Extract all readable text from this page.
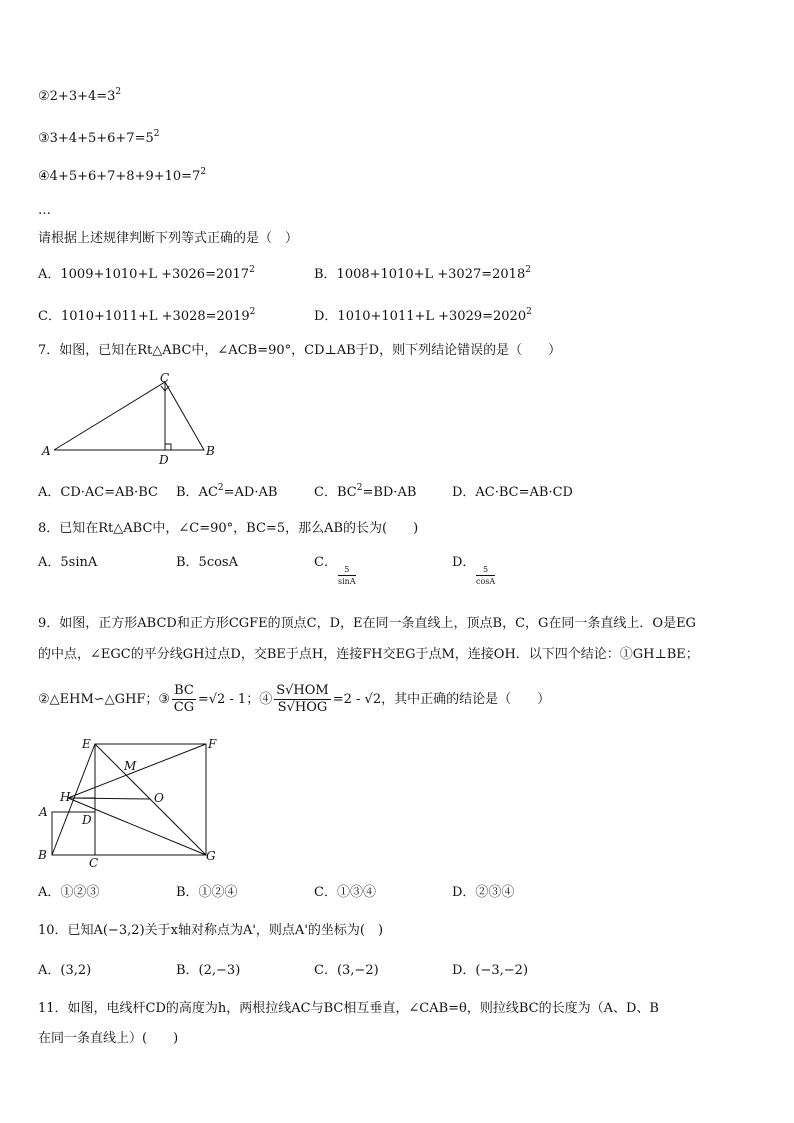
$②2+3+4=3^2$
$③3+4+5+6+7=5^2$
$④4+5+6+7+8+9+10=7^2$
…
请根据上述规律判断下列等式正确的是（　）
A．$1009+1010+L +3026=2017^2$	B．$1008+1010+L +3027=2018^2$
C．$1010+1011+L +3028=2019^2$	D．$1010+1011+L +3029=2020^2$
7．如图，已知在Rt△ABC中，∠ACB=90°，CD⊥AB于D，则下列结论错误的是（　　）
A
C
B
D
A．CD·AC=AB·BC B．$AC^2=AD\cdot AB$	C．$BC^2=BD\cdot AB$	D．AC·BC=AB·CD
8．已知在Rt△ABC中，∠C=90°，BC=5，那么AB的长为(　　)
A．5sinA	B．5cosA	C．
$\frac{5}{\sin A}$
D．
$\frac{5}{\cos A}$
9．如图，正方形ABCD和正方形CGFE的顶点C，D，E在同一条直线上，顶点B，C，G在同一条直线上．O是EG
的中点，∠EGC的平分线GH过点D，交BE于点H，连接FH交EG于点M，连接OH．以下四个结论：①GH⊥BE；
②△EHM∽△GHF；③ $\frac{BC}{CG} =√2 - 1$；④ $\frac{\text{S√HOM}}{\text{S√HOG}} =2 - √2$，其中正确的结论是（　　）
E	F
M
H	O
A
D
B
C	G
A．①②③	B．①②④	C．①③④	D．②③④
10．已知A(−3,2)关于x轴对称点为A'，则点A'的坐标为(　)
A．(3,2)	B．(2,−3)	C．(3,−2)	D．(−3,−2)
11．如图，电线杆CD的高度为h，两根拉线AC与BC相互垂直，∠CAB=θ，则拉线BC的长度为（A、D、B
在同一条直线上）(　　)
